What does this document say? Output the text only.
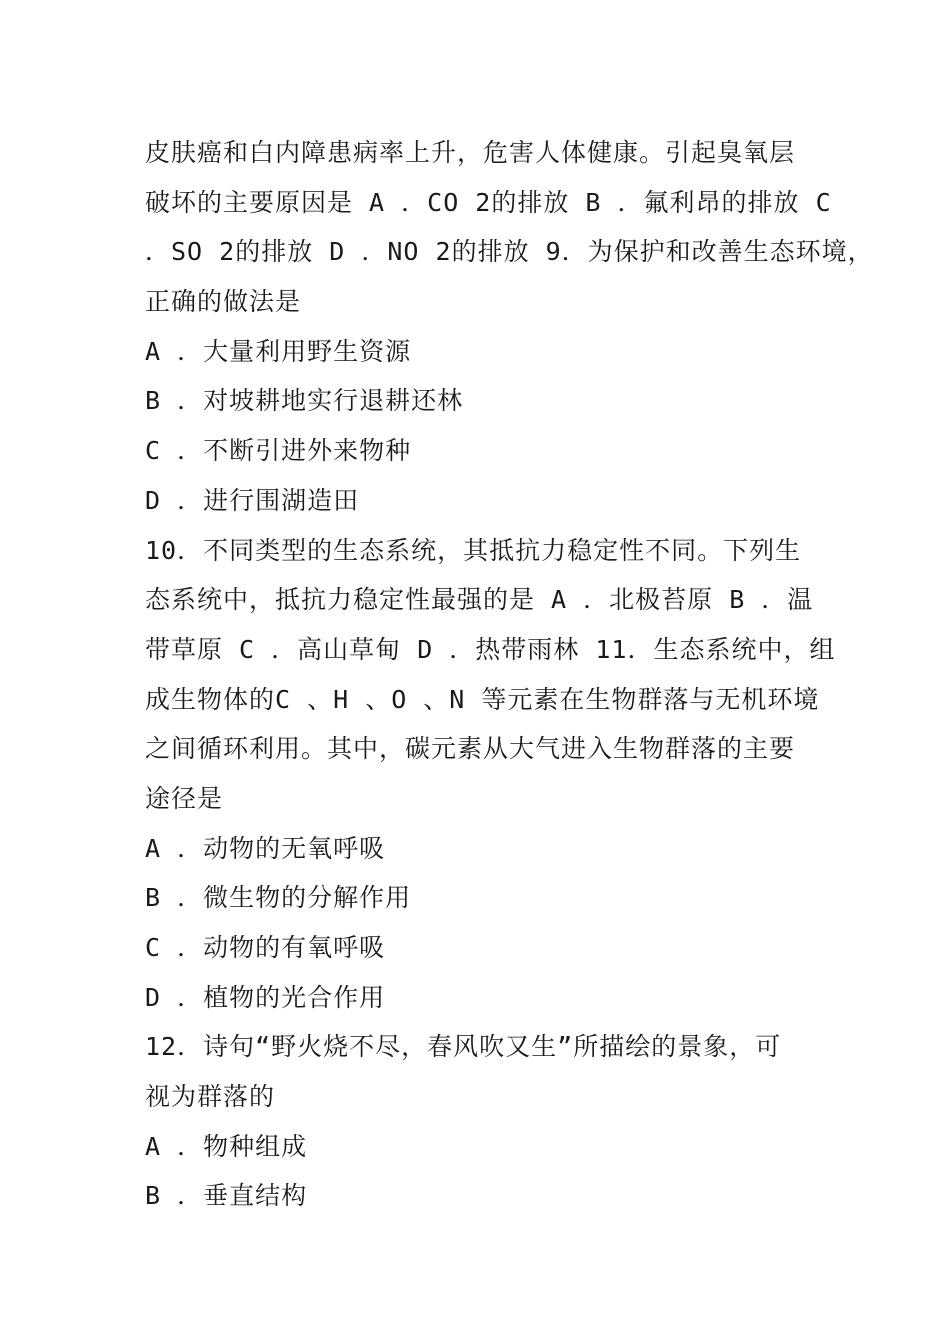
皮肤癌和白内障患病率上升，危害人体健康。引起臭氧层
破坏的主要原因是 A ．CO 2的排放 B ．氟利昂的排放 C
．SO 2的排放 D ．NO 2的排放 9．为保护和改善生态环境，
正确的做法是
A ．大量利用野生资源
B ．对坡耕地实行退耕还林
C ．不断引进外来物种
D ．进行围湖造田
10．不同类型的生态系统，其抵抗力稳定性不同。下列生
态系统中，抵抗力稳定性最强的是 A ．北极苔原 B ．温
带草原 C ．高山草甸 D ．热带雨林 11．生态系统中，组
成生物体的C 、H 、O 、N 等元素在生物群落与无机环境
之间循环利用。其中，碳元素从大气进入生物群落的主要
途径是
A ．动物的无氧呼吸
B ．微生物的分解作用
C ．动物的有氧呼吸
D ．植物的光合作用
12．诗句“野火烧不尽，春风吹又生”所描绘的景象，可
视为群落的
A ．物种组成
B ．垂直结构
